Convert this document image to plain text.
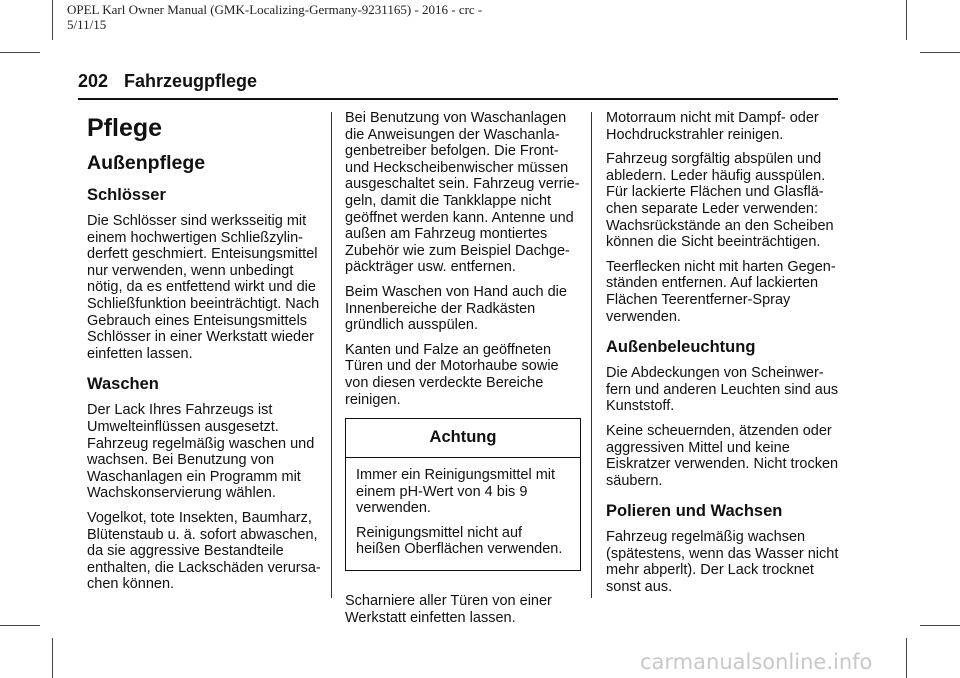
OPEL Karl Owner Manual (GMK-Localizing-Germany-9231165) - 2016 - crc - 5/11/15
202 Fahrzeugpflege
Pflege
Außenpflege
Schlösser

Die Schlösser sind werksseitig mit einem hochwertigen Schließzylin-derfett geschmiert. Enteisungsmittel nur verwenden, wenn unbedingt nötig, da es entfettend wirkt und die Schließfunktion beeinträchtigt. Nach Gebrauch eines Enteisungsmittels Schlösser in einer Werkstatt wieder einfetten lassen.

Waschen

Der Lack Ihres Fahrzeugs ist Umwelteinflüssen ausgesetzt. Fahrzeug regelmäßig waschen und wachsen. Bei Benutzung von Waschanlagen ein Programm mit Wachskonservierung wählen.

Vogelkot, tote Insekten, Baumharz, Blütenstaub u. ä. sofort abwaschen, da sie aggressive Bestandteile enthalten, die Lackschäden verursa-chen können.

Bei Benutzung von Waschanlagen die Anweisungen der Waschanla-genbetreiber befolgen. Die Front- und Heckscheibenwischer müssen ausgeschaltet sein. Fahrzeug verrie-geln, damit die Tankklappe nicht geöffnet werden kann. Antenne und außen am Fahrzeug montiertes Zubehör wie zum Beispiel Dachge-päckträger usw. entfernen.

Beim Waschen von Hand auch die Innenbereiche der Radkästen gründlich ausspülen.

Kanten und Falze an geöffneten Türen und der Motorhaube sowie von diesen verdeckte Bereiche reinigen.

Achtung

Immer ein Reinigungsmittel mit einem pH-Wert von 4 bis 9 verwenden.

Reinigungsmittel nicht auf heißen Oberflächen verwenden.

Scharniere aller Türen von einer Werkstatt einfetten lassen.

Motorraum nicht mit Dampf- oder Hochdruckstrahler reinigen.

Fahrzeug sorgfältig abspülen und abledern. Leder häufig ausspülen. Für lackierte Flächen und Glasflä-chen separate Leder verwenden: Wachsrückstände an den Scheiben können die Sicht beeinträchtigen.

Teerflecken nicht mit harten Gegen-ständen entfernen. Auf lackierten Flächen Teerentferner-Spray verwenden.

Außenbeleuchtung

Die Abdeckungen von Scheinwer-fern und anderen Leuchten sind aus Kunststoff.

Keine scheuernden, ätzenden oder aggressiven Mittel und keine Eiskratzer verwenden. Nicht trocken säubern.

Polieren und Wachsen

Fahrzeug regelmäßig wachsen (spätestens, wenn das Wasser nicht mehr abperlt). Der Lack trocknet sonst aus.

carmanualsonline.info
